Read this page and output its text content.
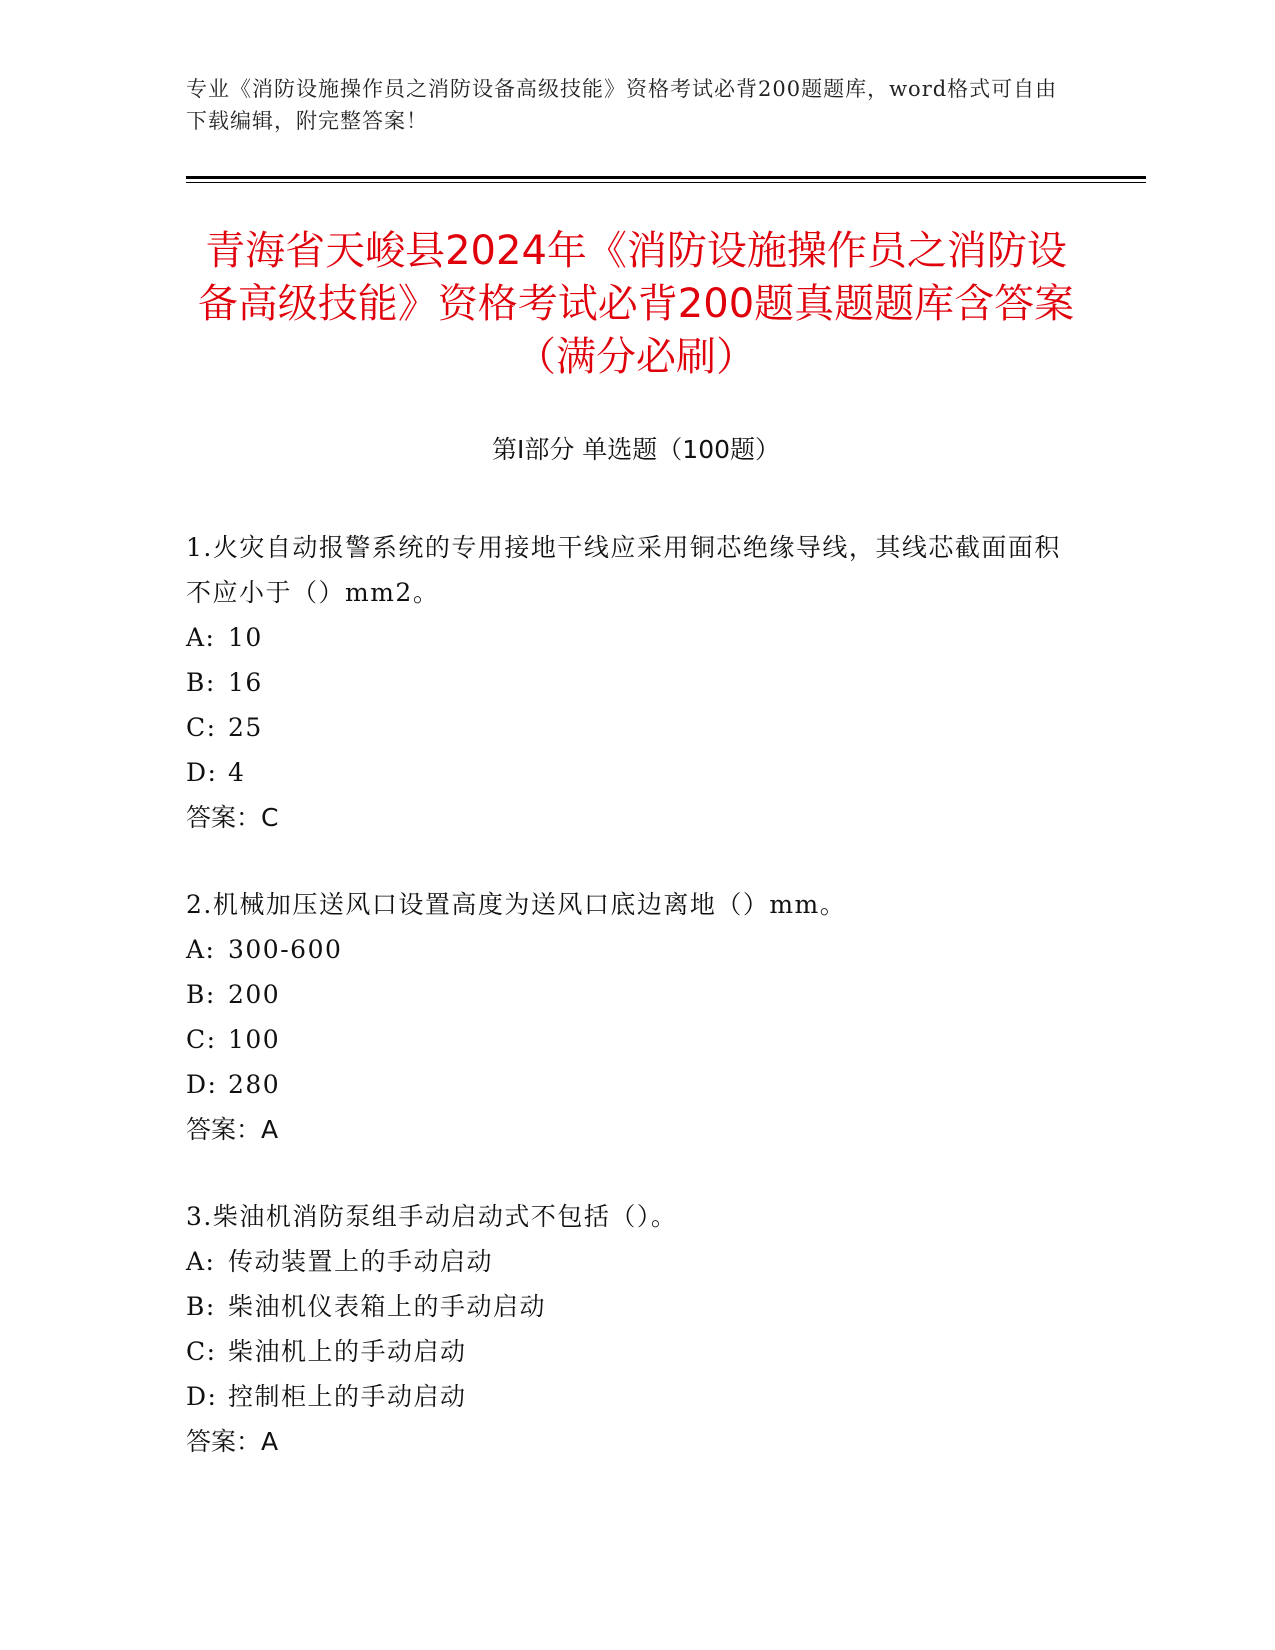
专业《消防设施操作员之消防设备高级技能》资格考试必背200题题库，word格式可自由下载编辑，附完整答案！
青海省天峻县2024年《消防设施操作员之消防设备高级技能》资格考试必背200题真题题库含答案（满分必刷）
第I部分 单选题（100题）

1.火灾自动报警系统的专用接地干线应采用铜芯绝缘导线，其线芯截面面积不应小于（）mm2。

A: 10

B: 16

C: 25

D: 4

答案：C

2.机械加压送风口设置高度为送风口底边离地（）mm。

A: 300-600

B: 200

C: 100

D: 280

答案：A

3.柴油机消防泵组手动启动式不包括（）。

A: 传动装置上的手动启动

B: 柴油机仪表箱上的手动启动

C: 柴油机上的手动启动

D: 控制柜上的手动启动

答案：A
